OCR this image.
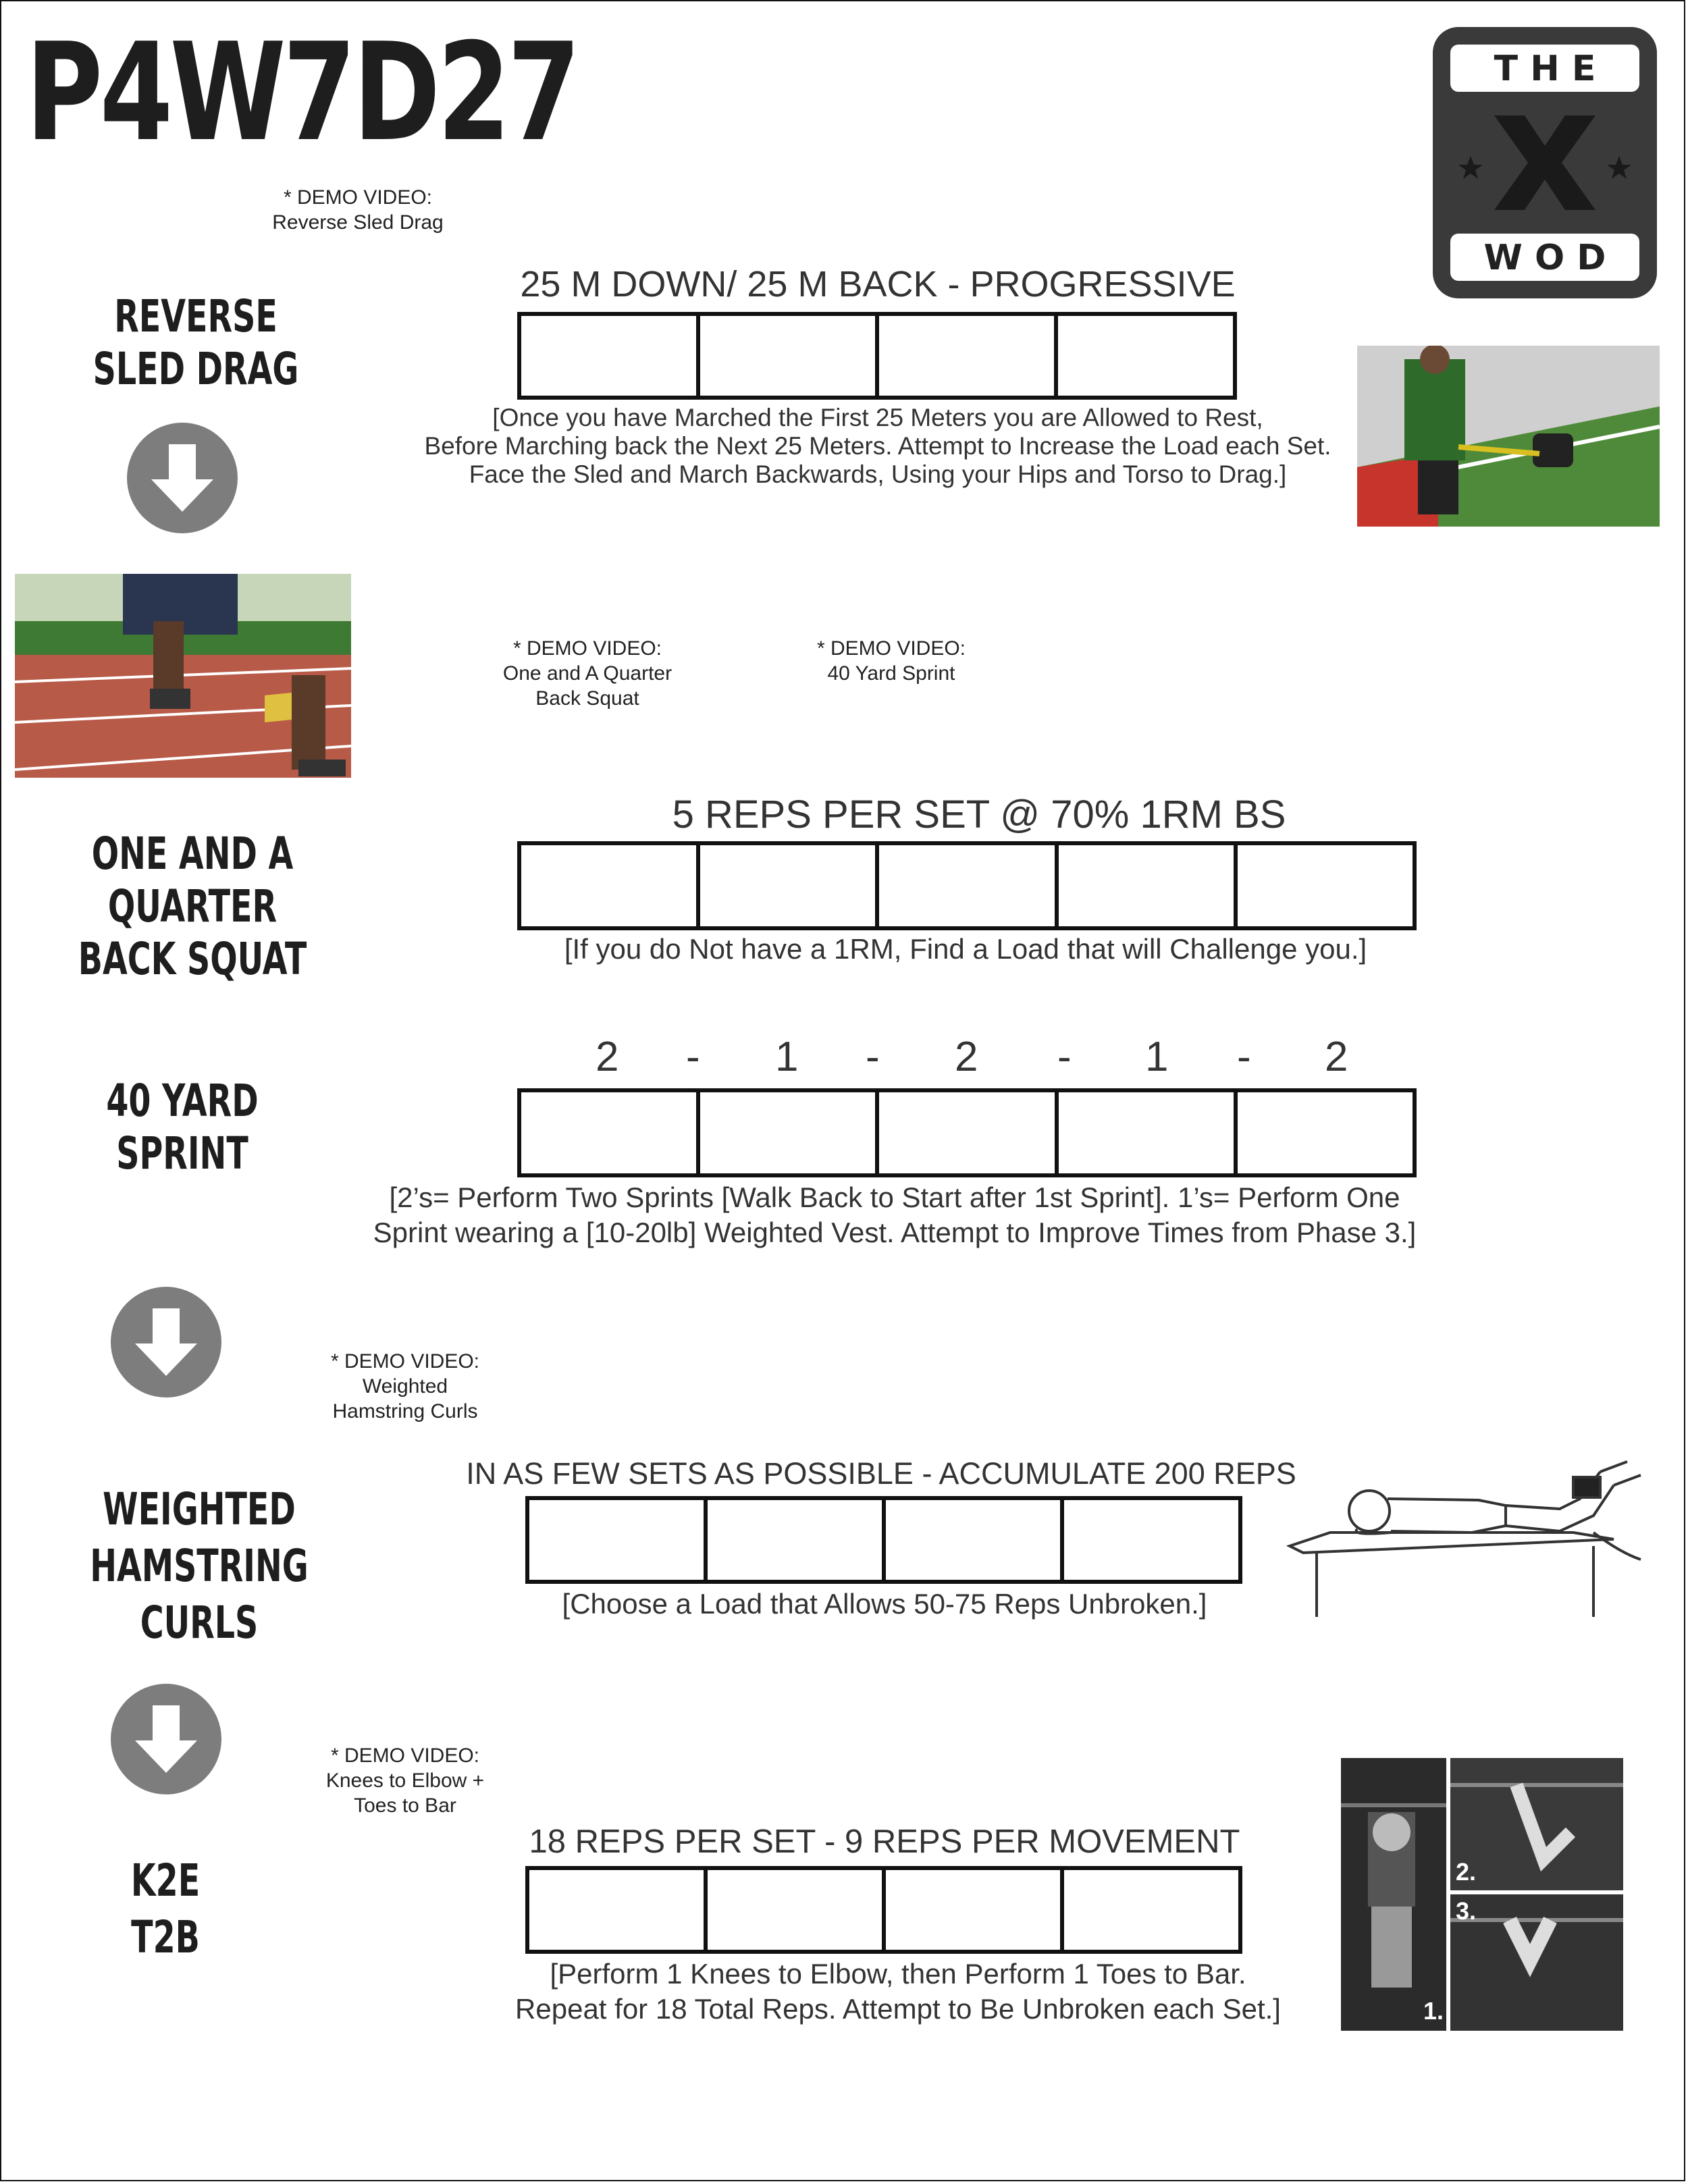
P4W7D27	T H E
W O D
* DEMO VIDEO:
Reverse Sled Drag
REVERSE
SLED DRAG
25 M DOWN/ 25 M BACK - PROGRESSIVE
[Once you have Marched the First 25 Meters you are Allowed to Rest,
Before Marching back the Next 25 Meters. Attempt to Increase the Load each Set.
Face the Sled and March Backwards, Using your Hips and Torso to Drag.]
* DEMO VIDEO:
One and A Quarter
Back Squat
* DEMO VIDEO:
40 Yard Sprint
ONE AND A QUARTER
BACK SQUAT
5 REPS PER SET @ 70% 1RM BS
[If you do Not have a 1RM, Find a Load that will Challenge you.]
40 YARD
SPRINT
2 - 1 - 2 - 1 - 2
[2’s= Perform Two Sprints [Walk Back to Start after 1st Sprint]. 1’s= Perform One
Sprint wearing a [10-20lb] Weighted Vest. Attempt to Improve Times from Phase 3.]
* DEMO VIDEO:
Weighted
Hamstring Curls
WEIGHTED
HAMSTRING CURLS
IN AS FEW SETS AS POSSIBLE - ACCUMULATE 200 REPS
[Choose a Load that Allows 50-75 Reps Unbroken.]
* DEMO VIDEO:
Knees to Elbow +
Toes to Bar
K2E
T2B
18 REPS PER SET - 9 REPS PER MOVEMENT
[Perform 1 Knees to Elbow, then Perform 1 Toes to Bar.
Repeat for 18 Total Reps. Attempt to Be Unbroken each Set.]	1.
2.
3.
